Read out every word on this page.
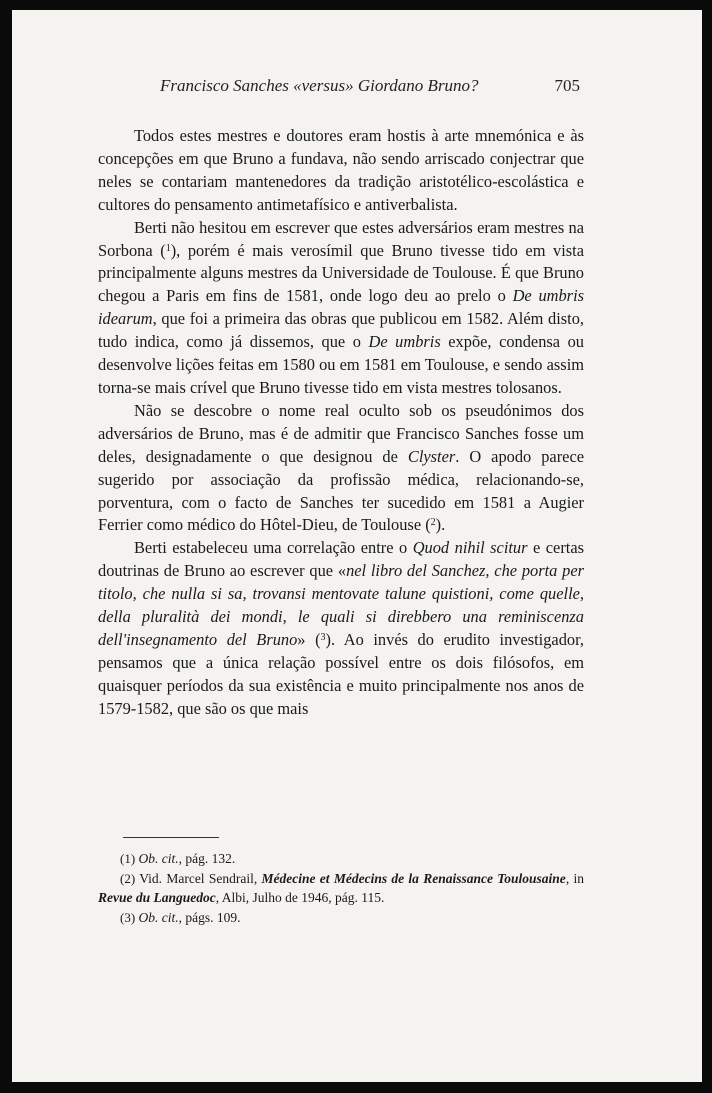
Francisco Sanches «versus» Giordano Bruno?	705

Todos estes mestres e doutores eram hostis à arte mnemónica e às concepções em que Bruno a fundava, não sendo arriscado conjectrar que neles se contariam mantenedores da tradição aristotélico-escolástica e cultores do pensamento antimetafísico e antiverbalista.

Berti não hesitou em escrever que estes adversários eram mestres na Sorbona ($^1$), porém é mais verosímil que Bruno tivesse tido em vista principalmente alguns mestres da Universidade de Toulouse. É que Bruno chegou a Paris em fins de 1581, onde logo deu ao prelo o De umbris idearum, que foi a primeira das obras que publicou em 1582. Além disto, tudo indica, como já dissemos, que o De umbris expõe, condensa ou desenvolve lições feitas em 1580 ou em 1581 em Toulouse, e sendo assim torna-se mais crível que Bruno tivesse tido em vista mestres tolosanos.

Não se descobre o nome real oculto sob os pseudónimos dos adversários de Bruno, mas é de admitir que Francisco Sanches fosse um deles, designadamente o que designou de Clyster. O apodo parece sugerido por associação da profissão médica, relacionando-se, porventura, com o facto de Sanches ter sucedido em 1581 a Augier Ferrier como médico do Hôtel-Dieu, de Toulouse ($^2$).

Berti estabeleceu uma correlação entre o Quod nihil scitur e certas doutrinas de Bruno ao escrever que «nel libro del Sanchez, che porta per titolo, che nulla si sa, trovansi mentovate talune quistioni, come quelle, della pluralità dei mondi, le quali si direbbero una reminiscenza dell'insegnamento del Bruno» ($^3$). Ao invés do erudito investigador, pensamos que a única relação possível entre os dois filósofos, em quaisquer períodos da sua existência e muito principalmente nos anos de 1579-1582, que são os que mais

(1) Ob. cit., pág. 132.

(2) Vid. Marcel Sendrail, Médecine et Médecins de la Renaissance Toulousaine, in Revue du Languedoc, Albi, Julho de 1946, pág. 115.

(3) Ob. cit., págs. 109.
